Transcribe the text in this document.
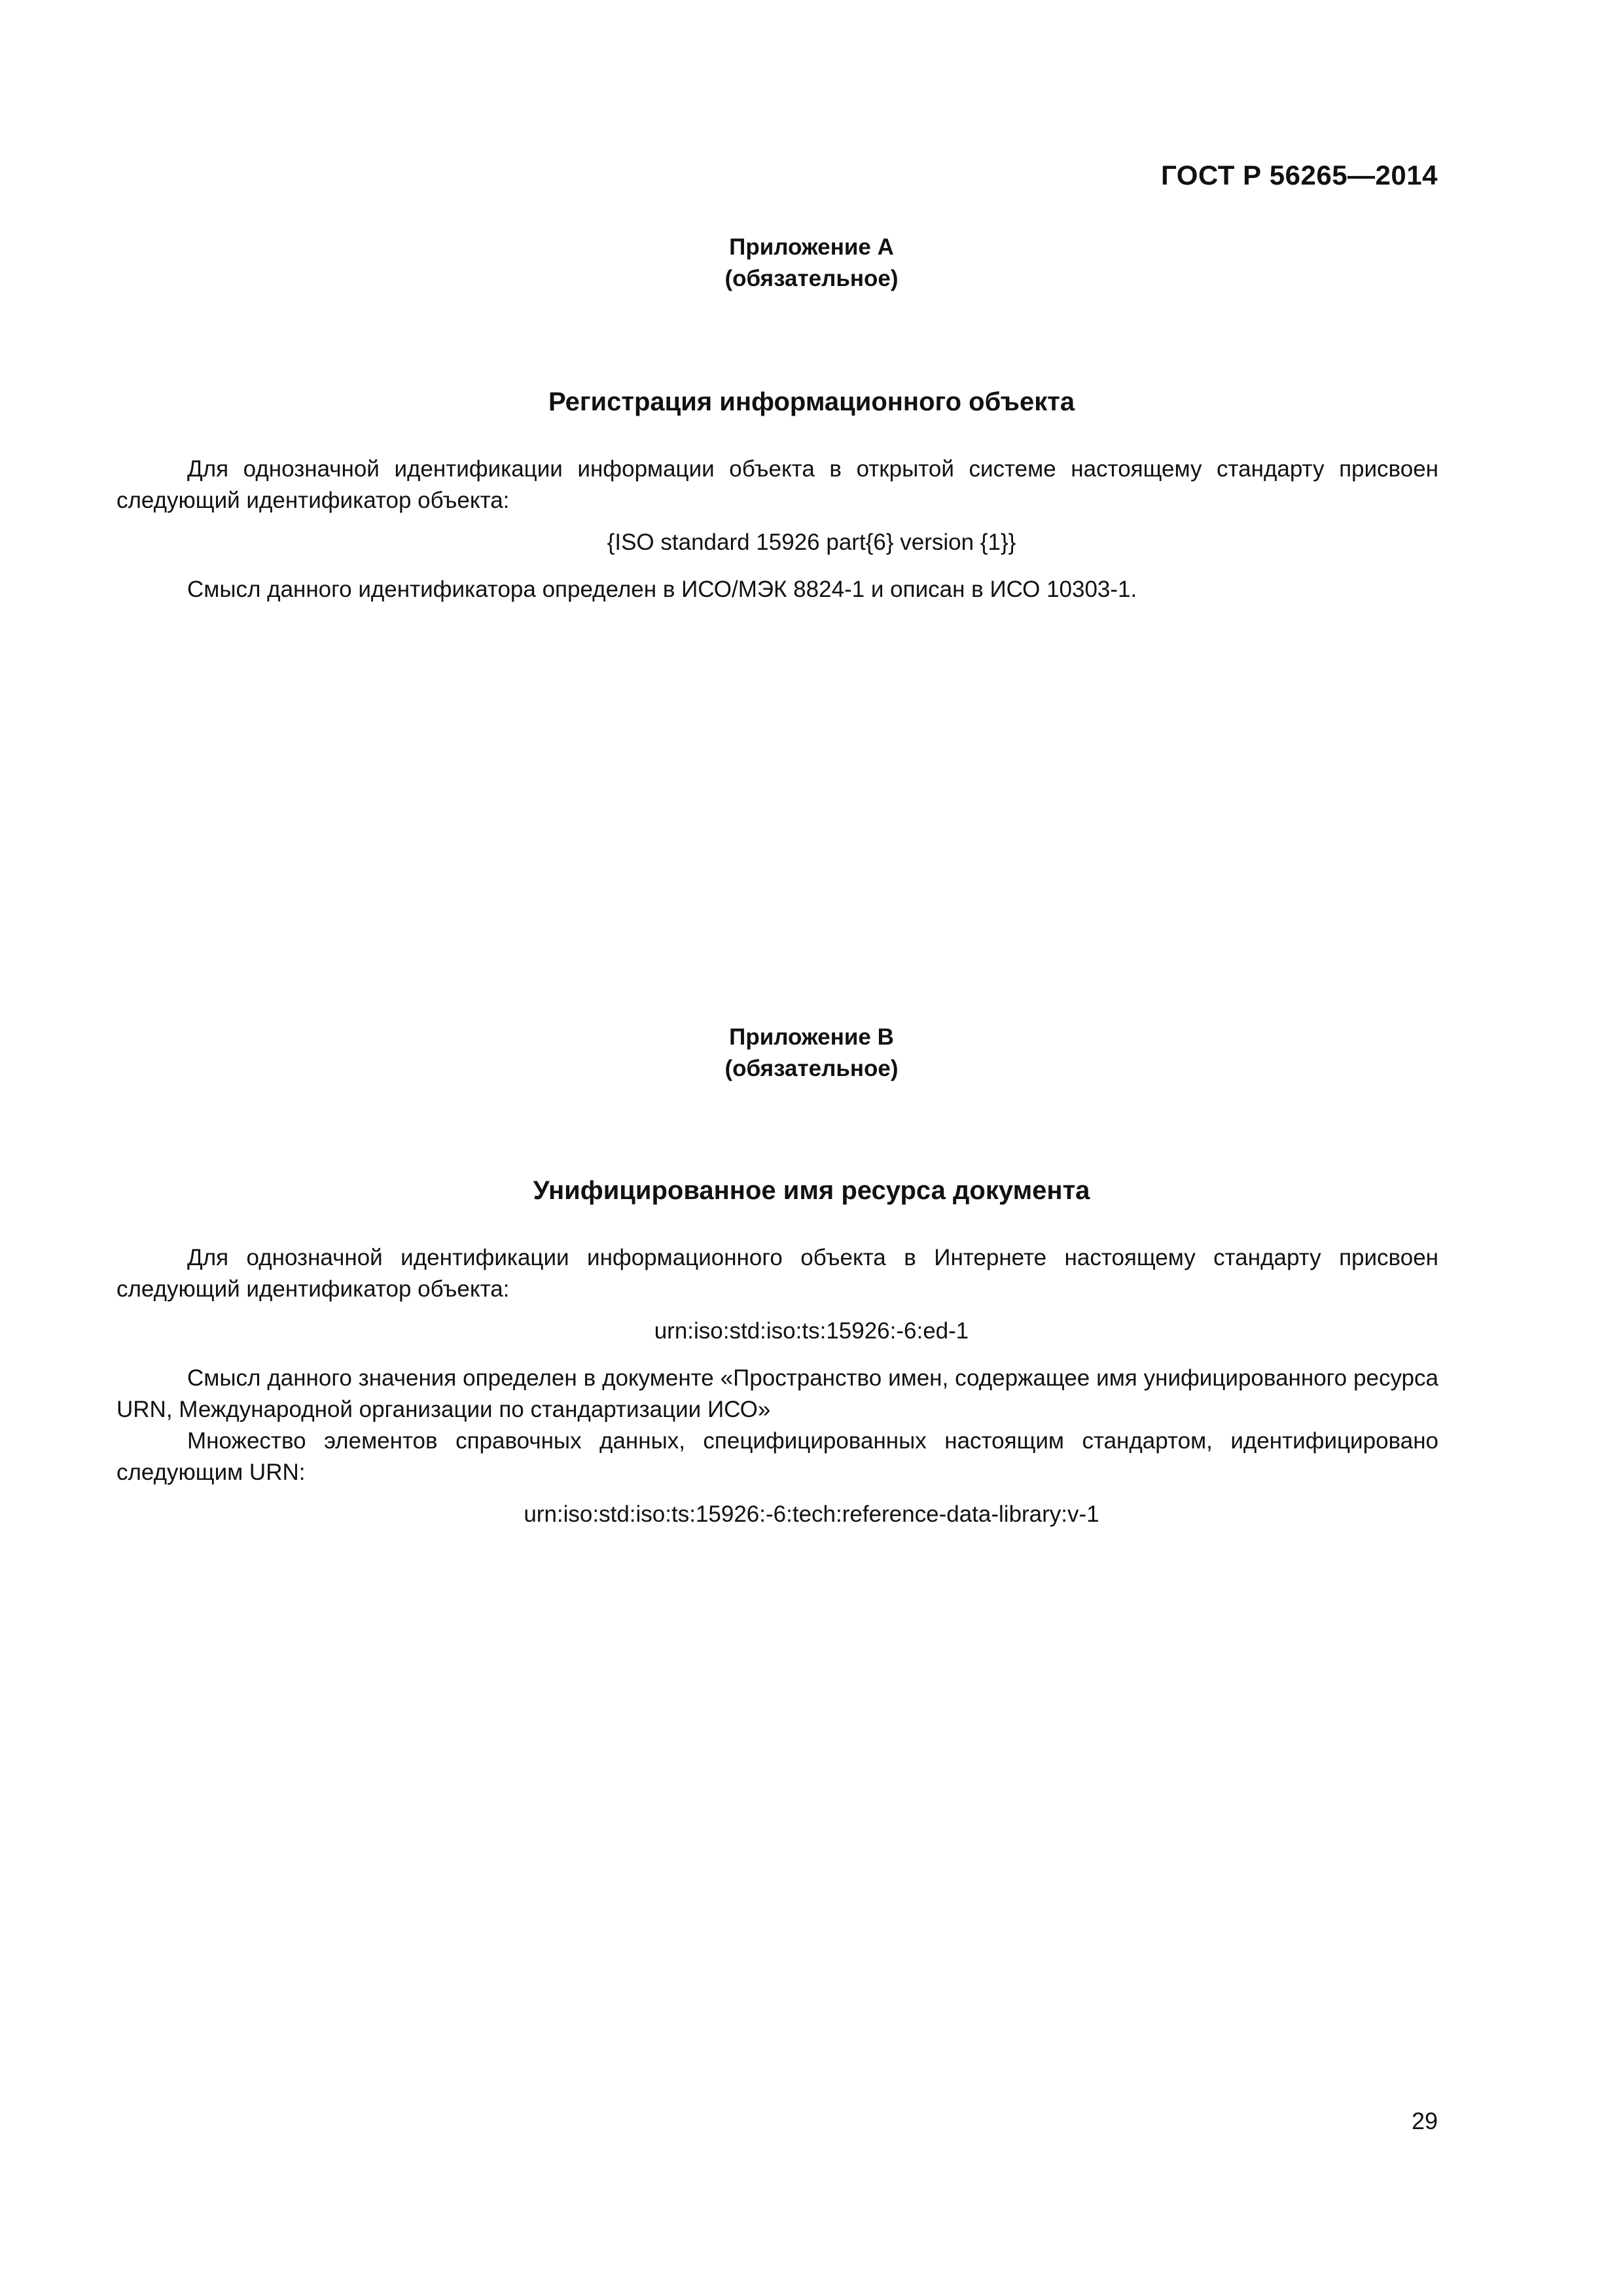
ГОСТ Р 56265—2014
Приложение А
(обязательное)
Регистрация информационного объекта
Для однозначной идентификации информации объекта в открытой системе настоящему стандарту присвоен следующий идентификатор объекта:
{ISO standard 15926 part{6} version {1}}
Смысл данного идентификатора определен в ИСО/МЭК 8824-1 и описан в ИСО 10303-1.
Приложение В
(обязательное)
Унифицированное имя ресурса документа
Для однозначной идентификации информационного объекта в Интернете настоящему стандарту присвоен следующий идентификатор объекта:
urn:iso:std:iso:ts:15926:-6:ed-1
Смысл данного значения определен в документе «Пространство имен, содержащее имя унифицированного ресурса URN, Международной организации по стандартизации ИСО»
Множество элементов справочных данных, специфицированных настоящим стандартом, идентифицировано следующим URN:
urn:iso:std:iso:ts:15926:-6:tech:reference-data-library:v-1
29
